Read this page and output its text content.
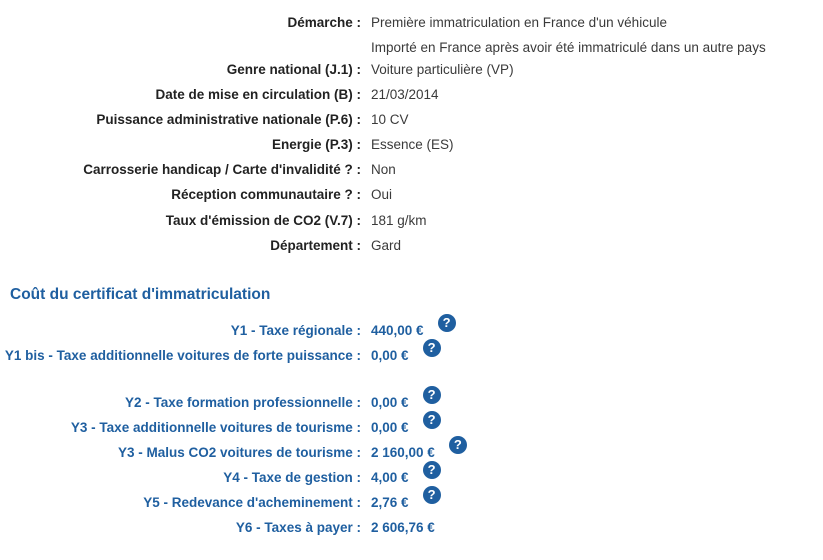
Démarche : Première immatriculation en France d'un véhicule
Importé en France après avoir été immatriculé dans un autre pays
Genre national (J.1) : Voiture particulière (VP)
Date de mise en circulation (B) : 21/03/2014
Puissance administrative nationale (P.6) : 10 CV
Energie (P.3) : Essence (ES)
Carrosserie handicap / Carte d'invalidité ? : Non
Réception communautaire ? : Oui
Taux d'émission de CO2 (V.7) : 181 g/km
Département : Gard
Coût du certificat d'immatriculation
Y1 - Taxe régionale : 440,00 €
?
Y1 bis - Taxe additionnelle voitures de forte puissance : 0,00 €
?
Y2 - Taxe formation professionnelle : 0,00 €
?
Y3 - Taxe additionnelle voitures de tourisme : 0,00 €
?
Y3 - Malus CO2 voitures de tourisme : 2 160,00 €
?
Y4 - Taxe de gestion : 4,00 €
?
Y5 - Redevance d'acheminement : 2,76 €
?
Y6 - Taxes à payer : 2 606,76 €
